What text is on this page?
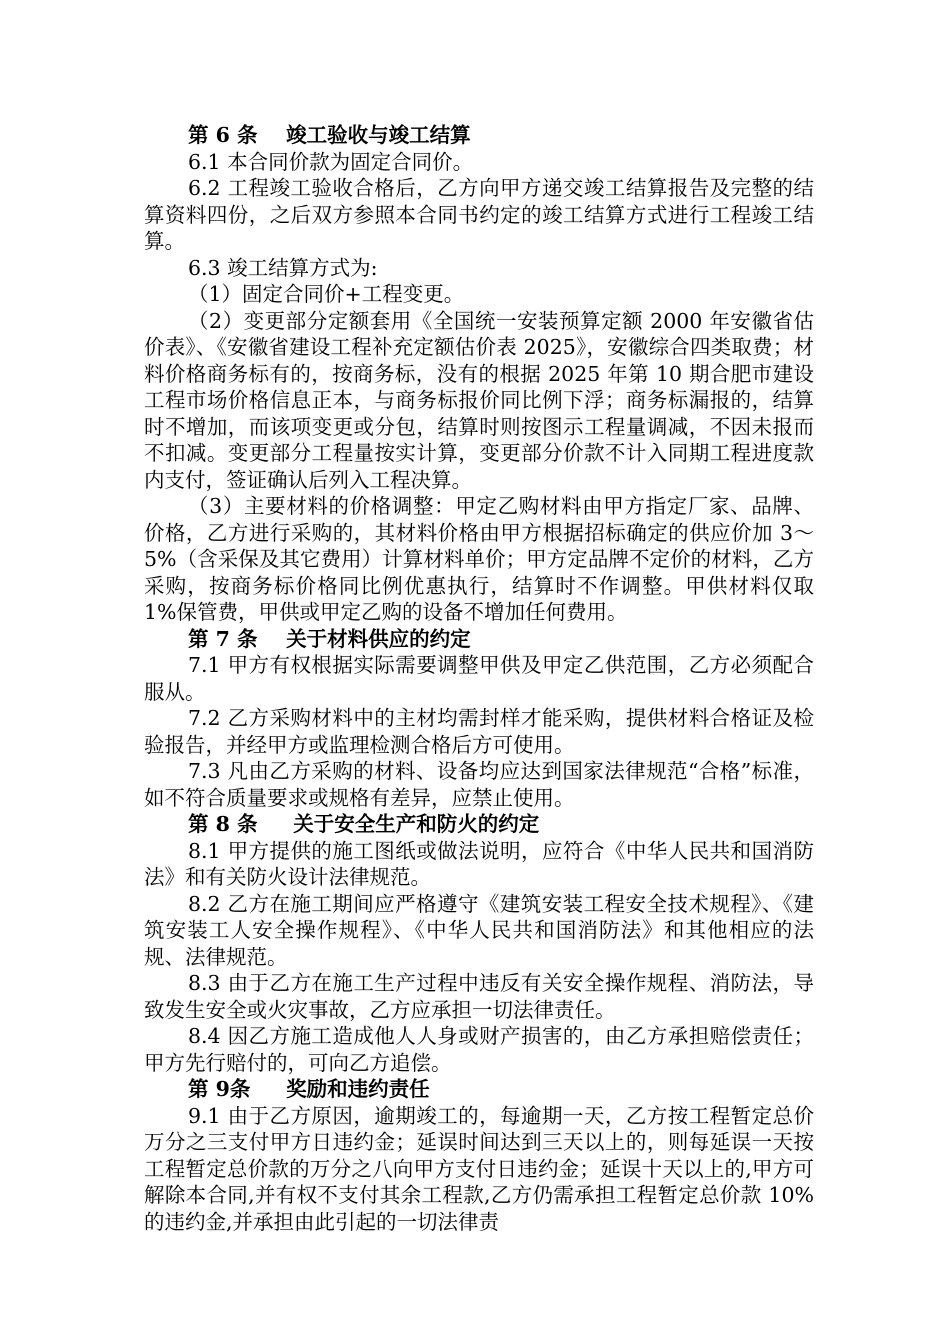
第 6 条    竣工验收与竣工结算
6.1 本合同价款为固定合同价。
6.2 工程竣工验收合格后，乙方向甲方递交竣工结算报告及完整的结算资料四份，之后双方参照本合同书约定的竣工结算方式进行工程竣工结算。
6.3 竣工结算方式为:
（1）固定合同价+工程变更。
（2）变更部分定额套用《全国统一安装预算定额 2000 年安徽省估价表》、《安徽省建设工程补充定额估价表 2025》，安徽综合四类取费；材料价格商务标有的，按商务标，没有的根据 2025 年第 10 期合肥市建设工程市场价格信息正本，与商务标报价同比例下浮；商务标漏报的，结算时不增加，而该项变更或分包，结算时则按图示工程量调减，不因未报而不扣减。变更部分工程量按实计算，变更部分价款不计入同期工程进度款内支付，签证确认后列入工程决算。
（3）主要材料的价格调整：甲定乙购材料由甲方指定厂家、品牌、价格，乙方进行采购的，其材料价格由甲方根据招标确定的供应价加 3～5%（含采保及其它费用）计算材料单价；甲方定品牌不定价的材料，乙方采购，按商务标价格同比例优惠执行，结算时不作调整。甲供材料仅取 1%保管费，甲供或甲定乙购的设备不增加任何费用。
第 7 条    关于材料供应的约定
7.1 甲方有权根据实际需要调整甲供及甲定乙供范围，乙方必须配合服从。
7.2 乙方采购材料中的主材均需封样才能采购，提供材料合格证及检验报告，并经甲方或监理检测合格后方可使用。
7.3 凡由乙方采购的材料、设备均应达到国家法律规范“合格”标准，如不符合质量要求或规格有差异，应禁止使用。
第 8 条     关于安全生产和防火的约定
8.1 甲方提供的施工图纸或做法说明，应符合《中华人民共和国消防法》和有关防火设计法律规范。
8.2 乙方在施工期间应严格遵守《建筑安装工程安全技术规程》、《建筑安装工人安全操作规程》、《中华人民共和国消防法》和其他相应的法规、法律规范。
8.3 由于乙方在施工生产过程中违反有关安全操作规程、消防法，导致发生安全或火灾事故，乙方应承担一切法律责任。
8.4 因乙方施工造成他人人身或财产损害的，由乙方承担赔偿责任；甲方先行赔付的，可向乙方追偿。
第 9条     奖励和违约责任
9.1 由于乙方原因，逾期竣工的，每逾期一天，乙方按工程暂定总价万分之三支付甲方日违约金；延误时间达到三天以上的，则每延误一天按工程暂定总价款的万分之八向甲方支付日违约金；延误十天以上的,甲方可解除本合同,并有权不支付其余工程款,乙方仍需承担工程暂定总价款 10%的违约金,并承担由此引起的一切法律责
